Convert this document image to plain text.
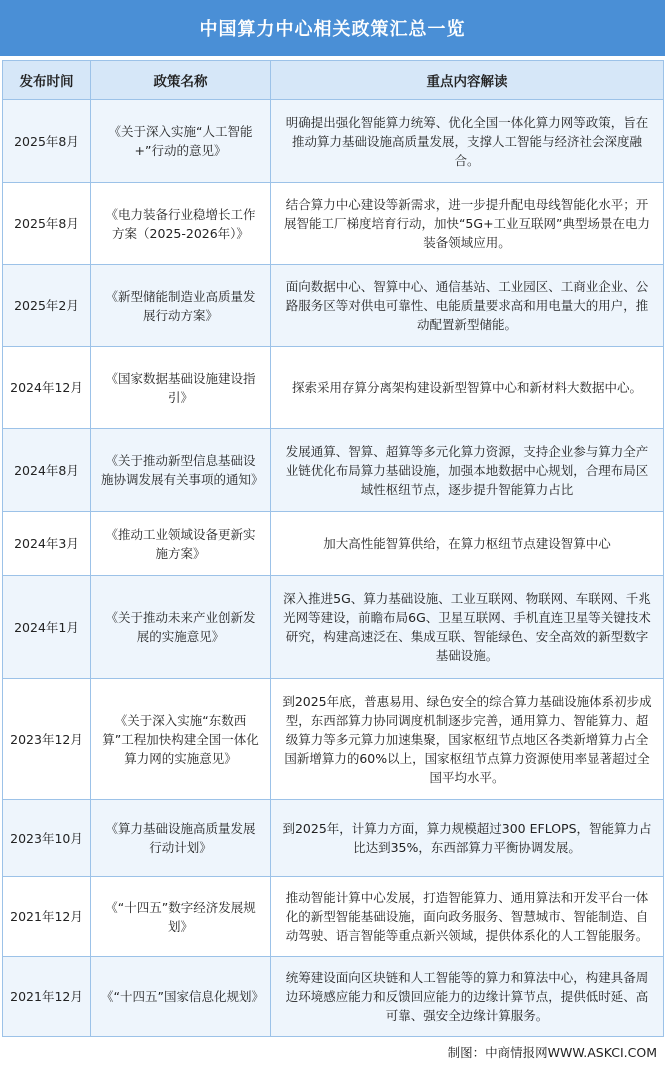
中国算力中心相关政策汇总一览
发布时间	政策名称	重点内容解读
2025年8月	《关于深入实施“人工智能+”行动的意见》	明确提出强化智能算力统筹、优化全国一体化算力网等政策，旨在推动算力基础设施高质量发展，支撑人工智能与经济社会深度融合。
2025年8月	《电力装备行业稳增长工作方案（2025-2026年）》	结合算力中心建设等新需求，进一步提升配电母线智能化水平；开展智能工厂梯度培育行动，加快“5G+工业互联网”典型场景在电力装备领域应用。
2025年2月	《新型储能制造业高质量发展行动方案》	面向数据中心、智算中心、通信基站、工业园区、工商业企业、公路服务区等对供电可靠性、电能质量要求高和用电量大的用户，推动配置新型储能。
2024年12月	《国家数据基础设施建设指引》	探索采用存算分离架构建设新型智算中心和新材料大数据中心。
2024年8月	《关于推动新型信息基础设施协调发展有关事项的通知》	发展通算、智算、超算等多元化算力资源，支持企业参与算力全产业链优化布局算力基础设施，加强本地数据中心规划，合理布局区域性枢纽节点，逐步提升智能算力占比
2024年3月	《推动工业领域设备更新实施方案》	加大高性能智算供给，在算力枢纽节点建设智算中心
2024年1月	《关于推动未来产业创新发展的实施意见》	深入推进5G、算力基础设施、工业互联网、物联网、车联网、千兆光网等建设，前瞻布局6G、卫星互联网、手机直连卫星等关键技术研究，构建高速泛在、集成互联、智能绿色、安全高效的新型数字基础设施。
2023年12月	《关于深入实施“东数西算”工程加快构建全国一体化算力网的实施意见》	到2025年底，普惠易用、绿色安全的综合算力基础设施体系初步成型，东西部算力协同调度机制逐步完善，通用算力、智能算力、超级算力等多元算力加速集聚，国家枢纽节点地区各类新增算力占全国新增算力的60%以上，国家枢纽节点算力资源使用率显著超过全国平均水平。
2023年10月	《算力基础设施高质量发展行动计划》	到2025年，计算力方面，算力规模超过300 EFLOPS，智能算力占比达到35%，东西部算力平衡协调发展。
2021年12月	《“十四五”数字经济发展规划》	推动智能计算中心发展，打造智能算力、通用算法和开发平台一体化的新型智能基础设施，面向政务服务、智慧城市、智能制造、自动驾驶、语言智能等重点新兴领域，提供体系化的人工智能服务。
2021年12月	《“十四五”国家信息化规划》	统筹建设面向区块链和人工智能等的算力和算法中心，构建具备周边环境感应能力和反馈回应能力的边缘计算节点，提供低时延、高可靠、强安全边缘计算服务。
制图：中商情报网WWW.ASKCI.COM
